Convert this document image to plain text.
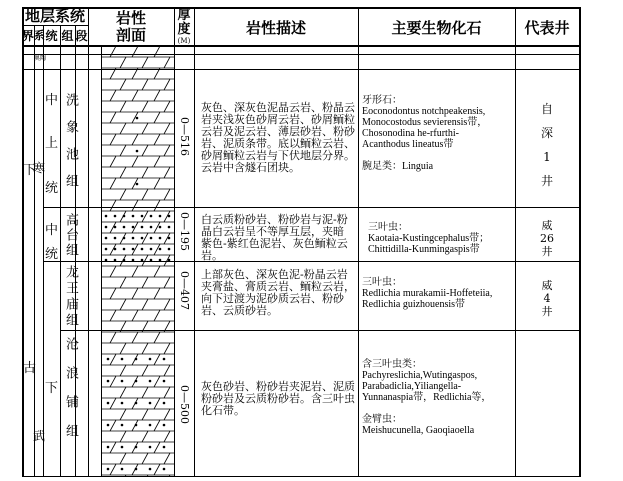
地层系统
界 系 统 组 段
岩性
剖面
厚度
(M)
岩性描述	主要生物化石	代表井
奥陶
下
古
寒
武
中
上
统
中
统
下
洗象池组
高台组
龙王庙组
沧浪铺组
0—516
灰色、深灰色泥晶云岩、粉晶云岩夹浅灰色砂屑云岩、砂屑鲕粒云岩及泥云岩、薄层砂岩、粉砂岩、泥质条带。底以鲕粒云岩、砂屑鲕粒云岩与下伏地层分界。云岩中含燧石团块。
牙形石：
Eoconodontus notchpeakensis,
Monocostodus sevierensis带，
Chosonodina he-rfurthi-
Acanthodus lineatus带
腕足类：Linguia
自
深
1
井
0—195 白云质粉砂岩、粉砂岩与泥-粉晶白云岩呈不等厚互层，夹暗紫色-紫红色泥岩、灰色鲕粒云岩。
三叶虫：
Kaotaia-Kustingcephalus带；
Chittidilla-Kunmingaspis带
威
26
井
0—407 上部灰色、深灰色泥-粉晶云岩夹膏盐、膏质云岩、鲕粒云岩，向下过渡为泥砂质云岩、粉砂岩、云质砂岩。
三叶虫：
Redlichia murakamii-Hoffeteiia,
Redlichia guizhouensis带
威
4
井
0—500 灰色砂岩、粉砂岩夹泥岩、泥质粉砂岩及云质粉砂岩。含三叶虫化石带。
含三叶虫类：
Pachyreslichia,Wutingaspos,
Parabadiclia,Yiliangella-
Yunnanaspia带，Redlichia等，
金臂虫：
Meishucunella, Gaoqiaoella
